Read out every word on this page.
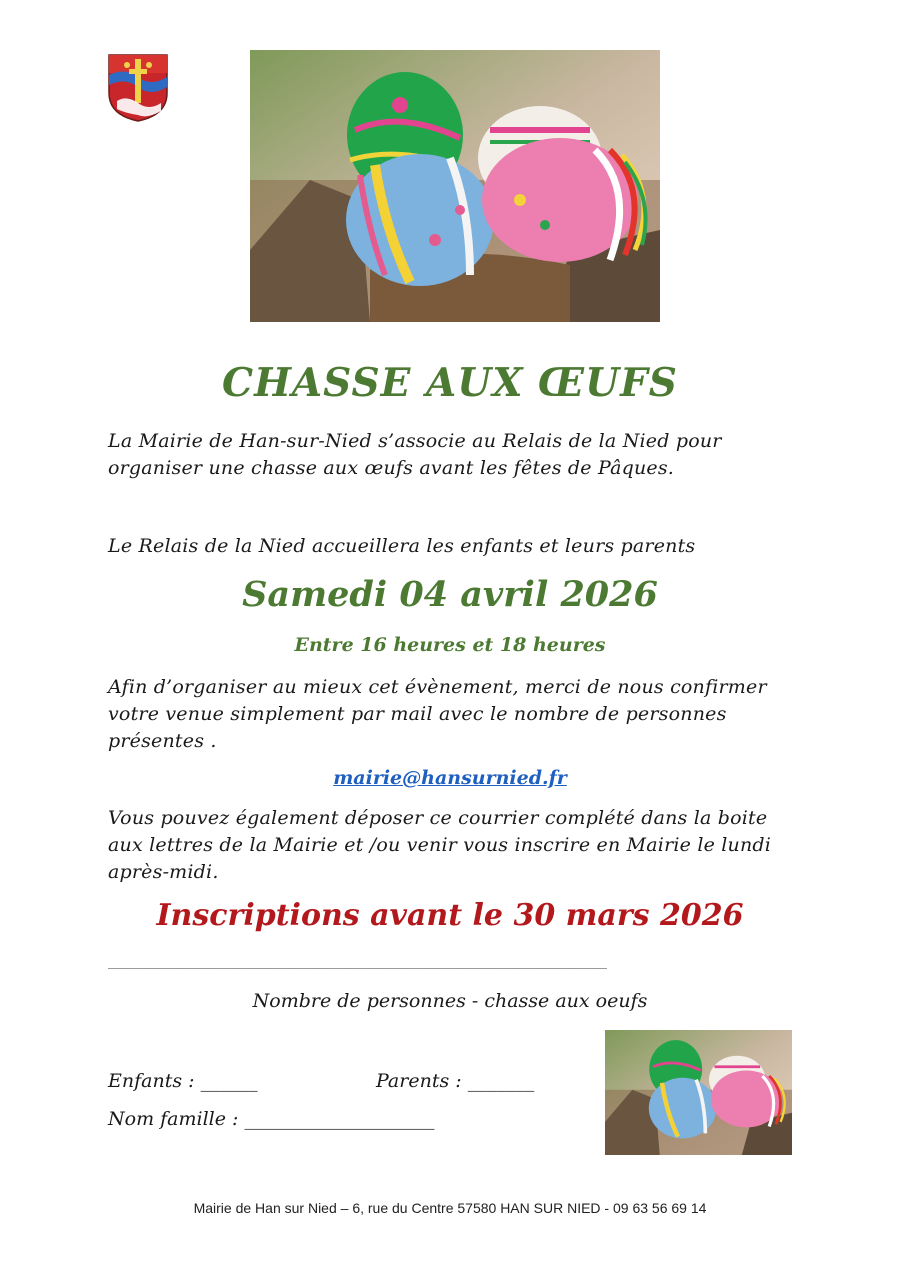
CHASSE AUX ŒUFS
La Mairie de Han-sur-Nied s’associe au Relais de la Nied pour organiser une chasse aux œufs avant les fêtes de Pâques.
Le Relais de la Nied accueillera les enfants et leurs parents
Samedi 04 avril 2026
Entre 16 heures et 18 heures
Afin d’organiser au mieux cet évènement, merci de nous confirmer votre venue simplement par mail avec le nombre de personnes présentes .
mairie@hansurnied.fr
Vous pouvez également déposer ce courrier complété dans la boite aux lettres de la Mairie et /ou venir vous inscrire en Mairie le lundi après-midi.
Inscriptions avant le 30 mars 2026
________________________________________________________________________________
Nombre de personnes - chasse aux oeufs
Enfants : ______	Parents : _______
Nom famille : ____________________
Mairie de Han sur Nied – 6, rue du Centre 57580 HAN SUR NIED - 09 63 56 69 14
